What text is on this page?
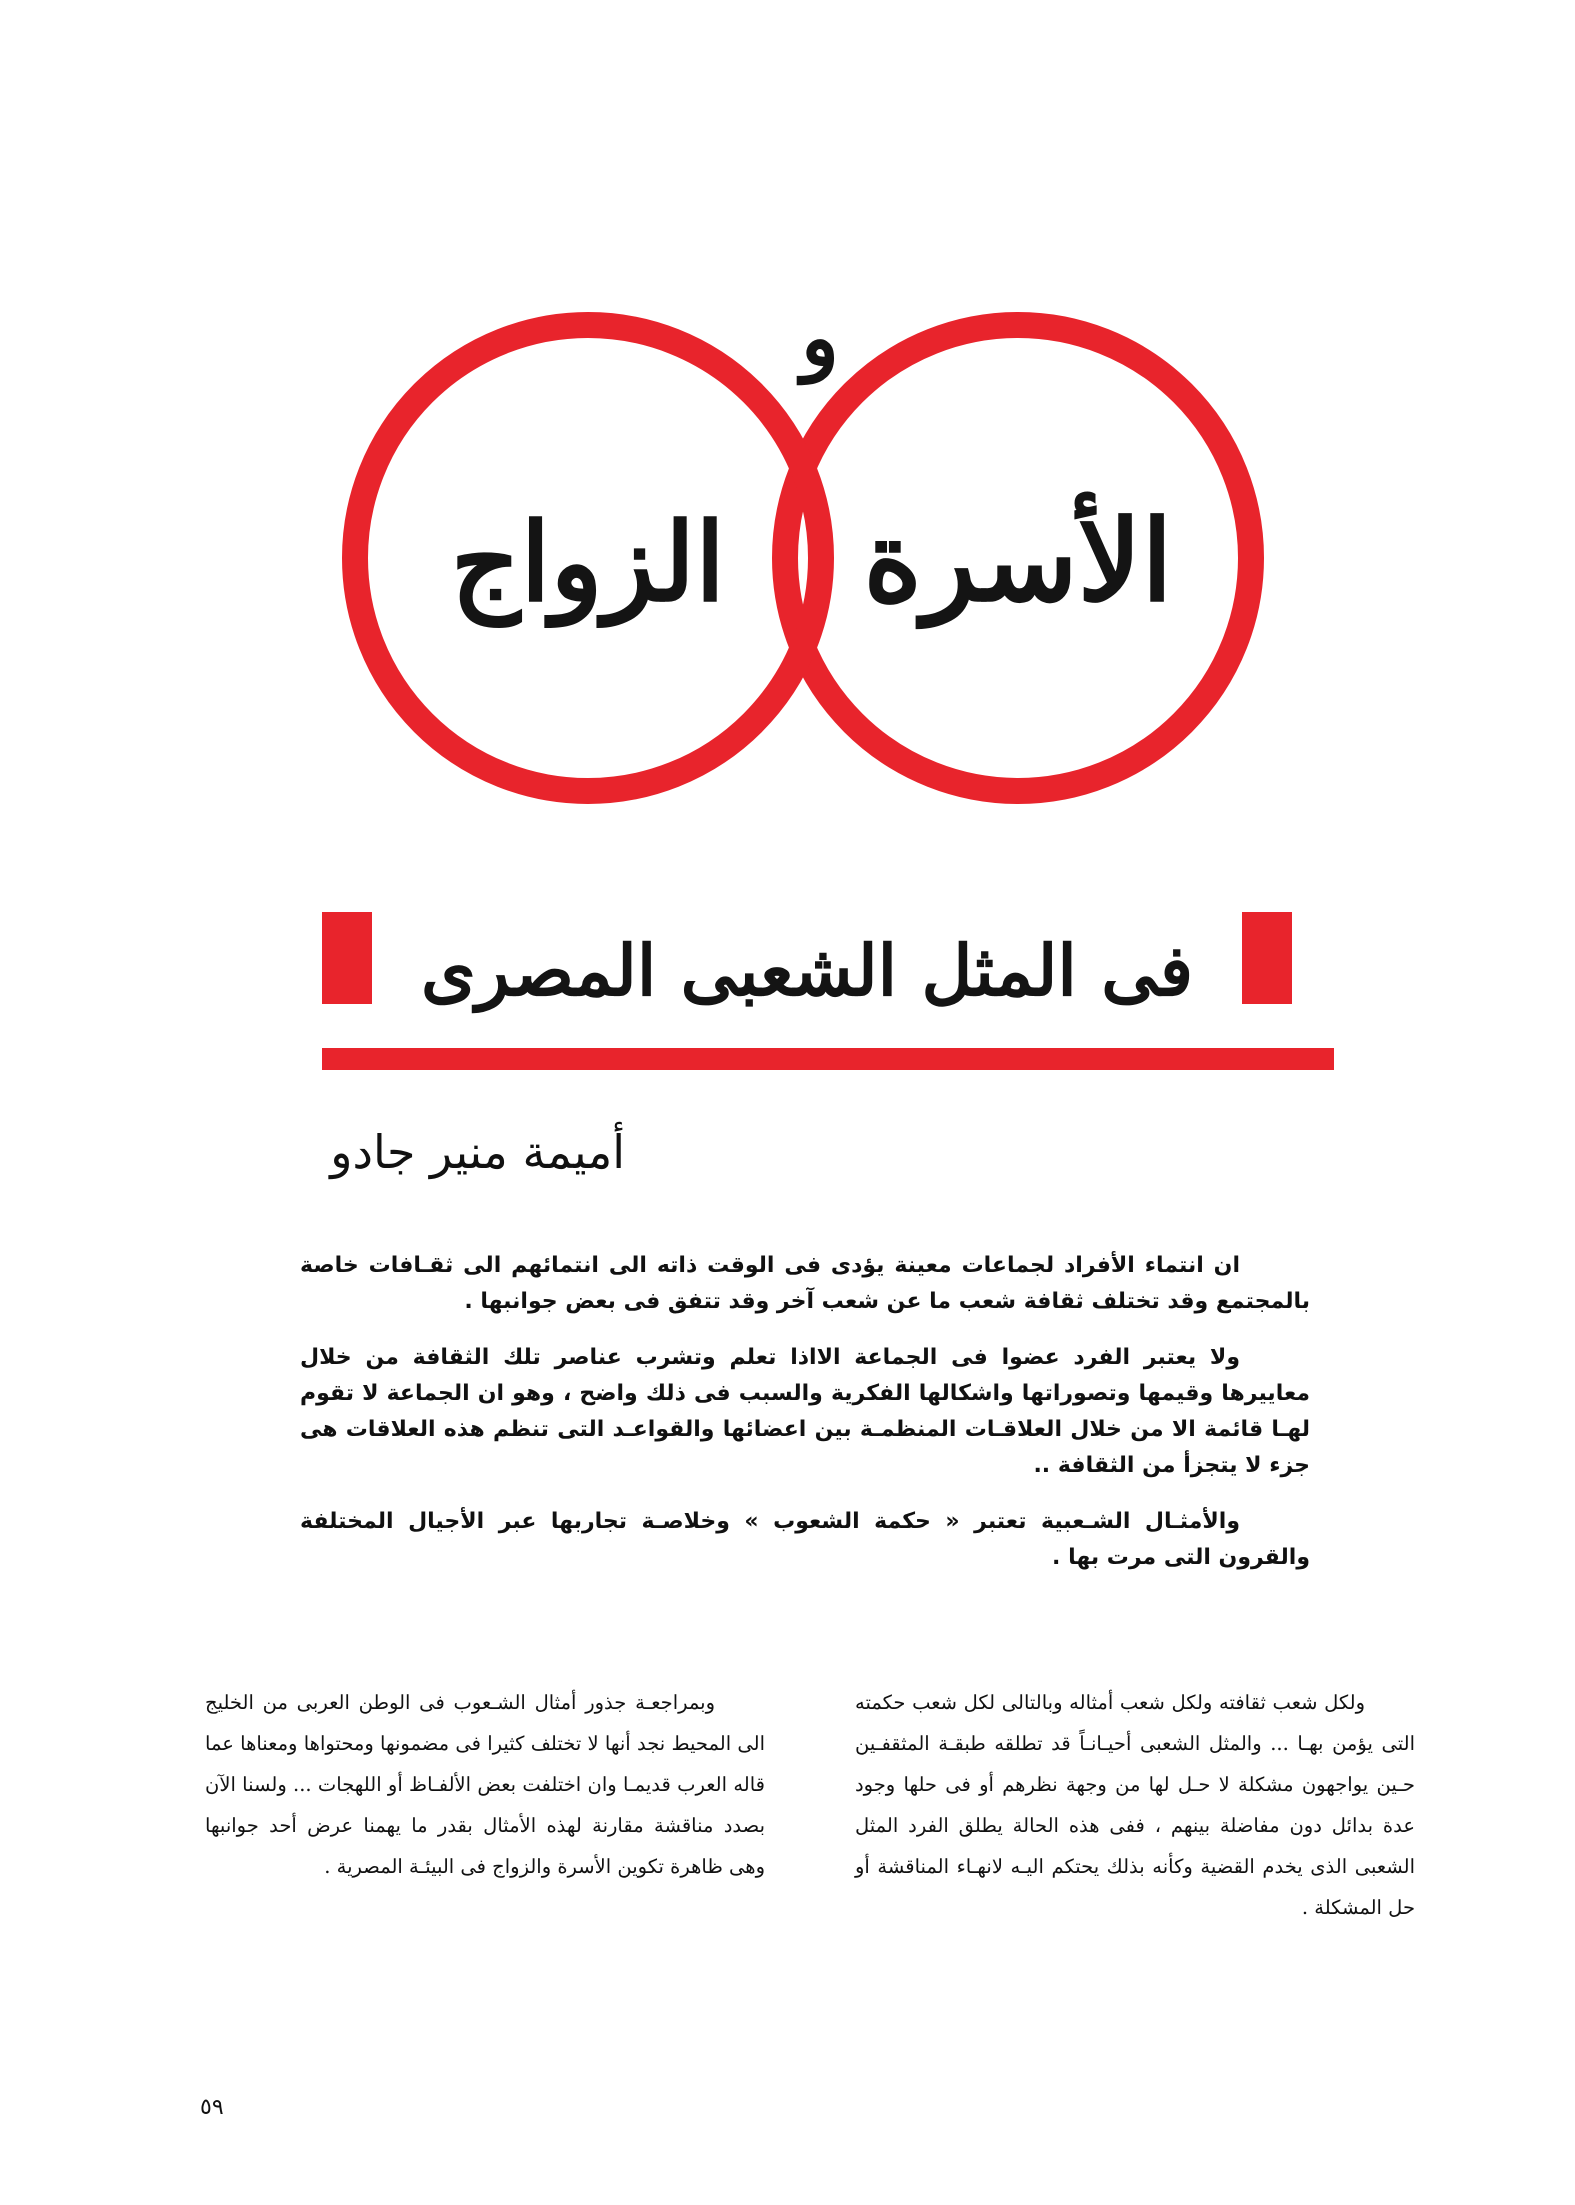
و
الأسرة
الزواج
فى المثل الشعبى المصرى
أميمة منير جادو

ان انتماء الأفراد لجماعات معينة يؤدى فى الوقت ذاته الى انتمائهم الى ثقـافات خاصة بالمجتمع وقد تختلف ثقافة شعب ما عن شعب آخر وقد تتفق فى بعض جوانبها .

ولا يعتبر الفرد عضوا فى الجماعة الااذا تعلم وتشرب عناصر تلك الثقافة من خلال معاييرها وقيمها وتصوراتها واشكالها الفكرية والسبب فى ذلك واضح ، وهو ان الجماعة لا تقوم لهـا قائمة الا من خلال العلاقـات المنظمـة بين اعضائها والقواعـد التى تنظم هذه العلاقات هى جزء لا يتجزأ من الثقافة ..

والأمثـال الشـعبية تعتبر « حكمة الشعوب » وخلاصـة تجاربها عبر الأجيال المختلفة والقرون التى مرت بها .

ولكل شعب ثقافته ولكل شعب أمثاله وبالتالى لكل شعب حكمته التى يؤمن بهـا ... والمثل الشعبى أحيـانـاً قد تطلقه طبقـة المثقفـين حـين يواجهون مشكلة لا حـل لها من وجهة نظرهم أو فى حلها وجود عدة بدائل دون مفاضلة بينهم ، ففى هذه الحالة يطلق الفرد المثل الشعبى الذى يخدم القضية وكأنه بذلك يحتكم اليـه لانهـاء المناقشة أو حل المشكلة .

وبمراجعـة جذور أمثال الشـعوب فى الوطن العربى من الخليج الى المحيط نجد أنها لا تختلف كثيرا فى مضمونها ومحتواها ومعناها عما قاله العرب قديمـا وان اختلفت بعض الألفـاظ أو اللهجات ... ولسنا الآن بصدد مناقشة مقارنة لهذه الأمثال بقدر ما يهمنا عرض أحد جوانبها وهى ظاهرة تكوين الأسرة والزواج فى البيئـة المصرية .

٥٩
